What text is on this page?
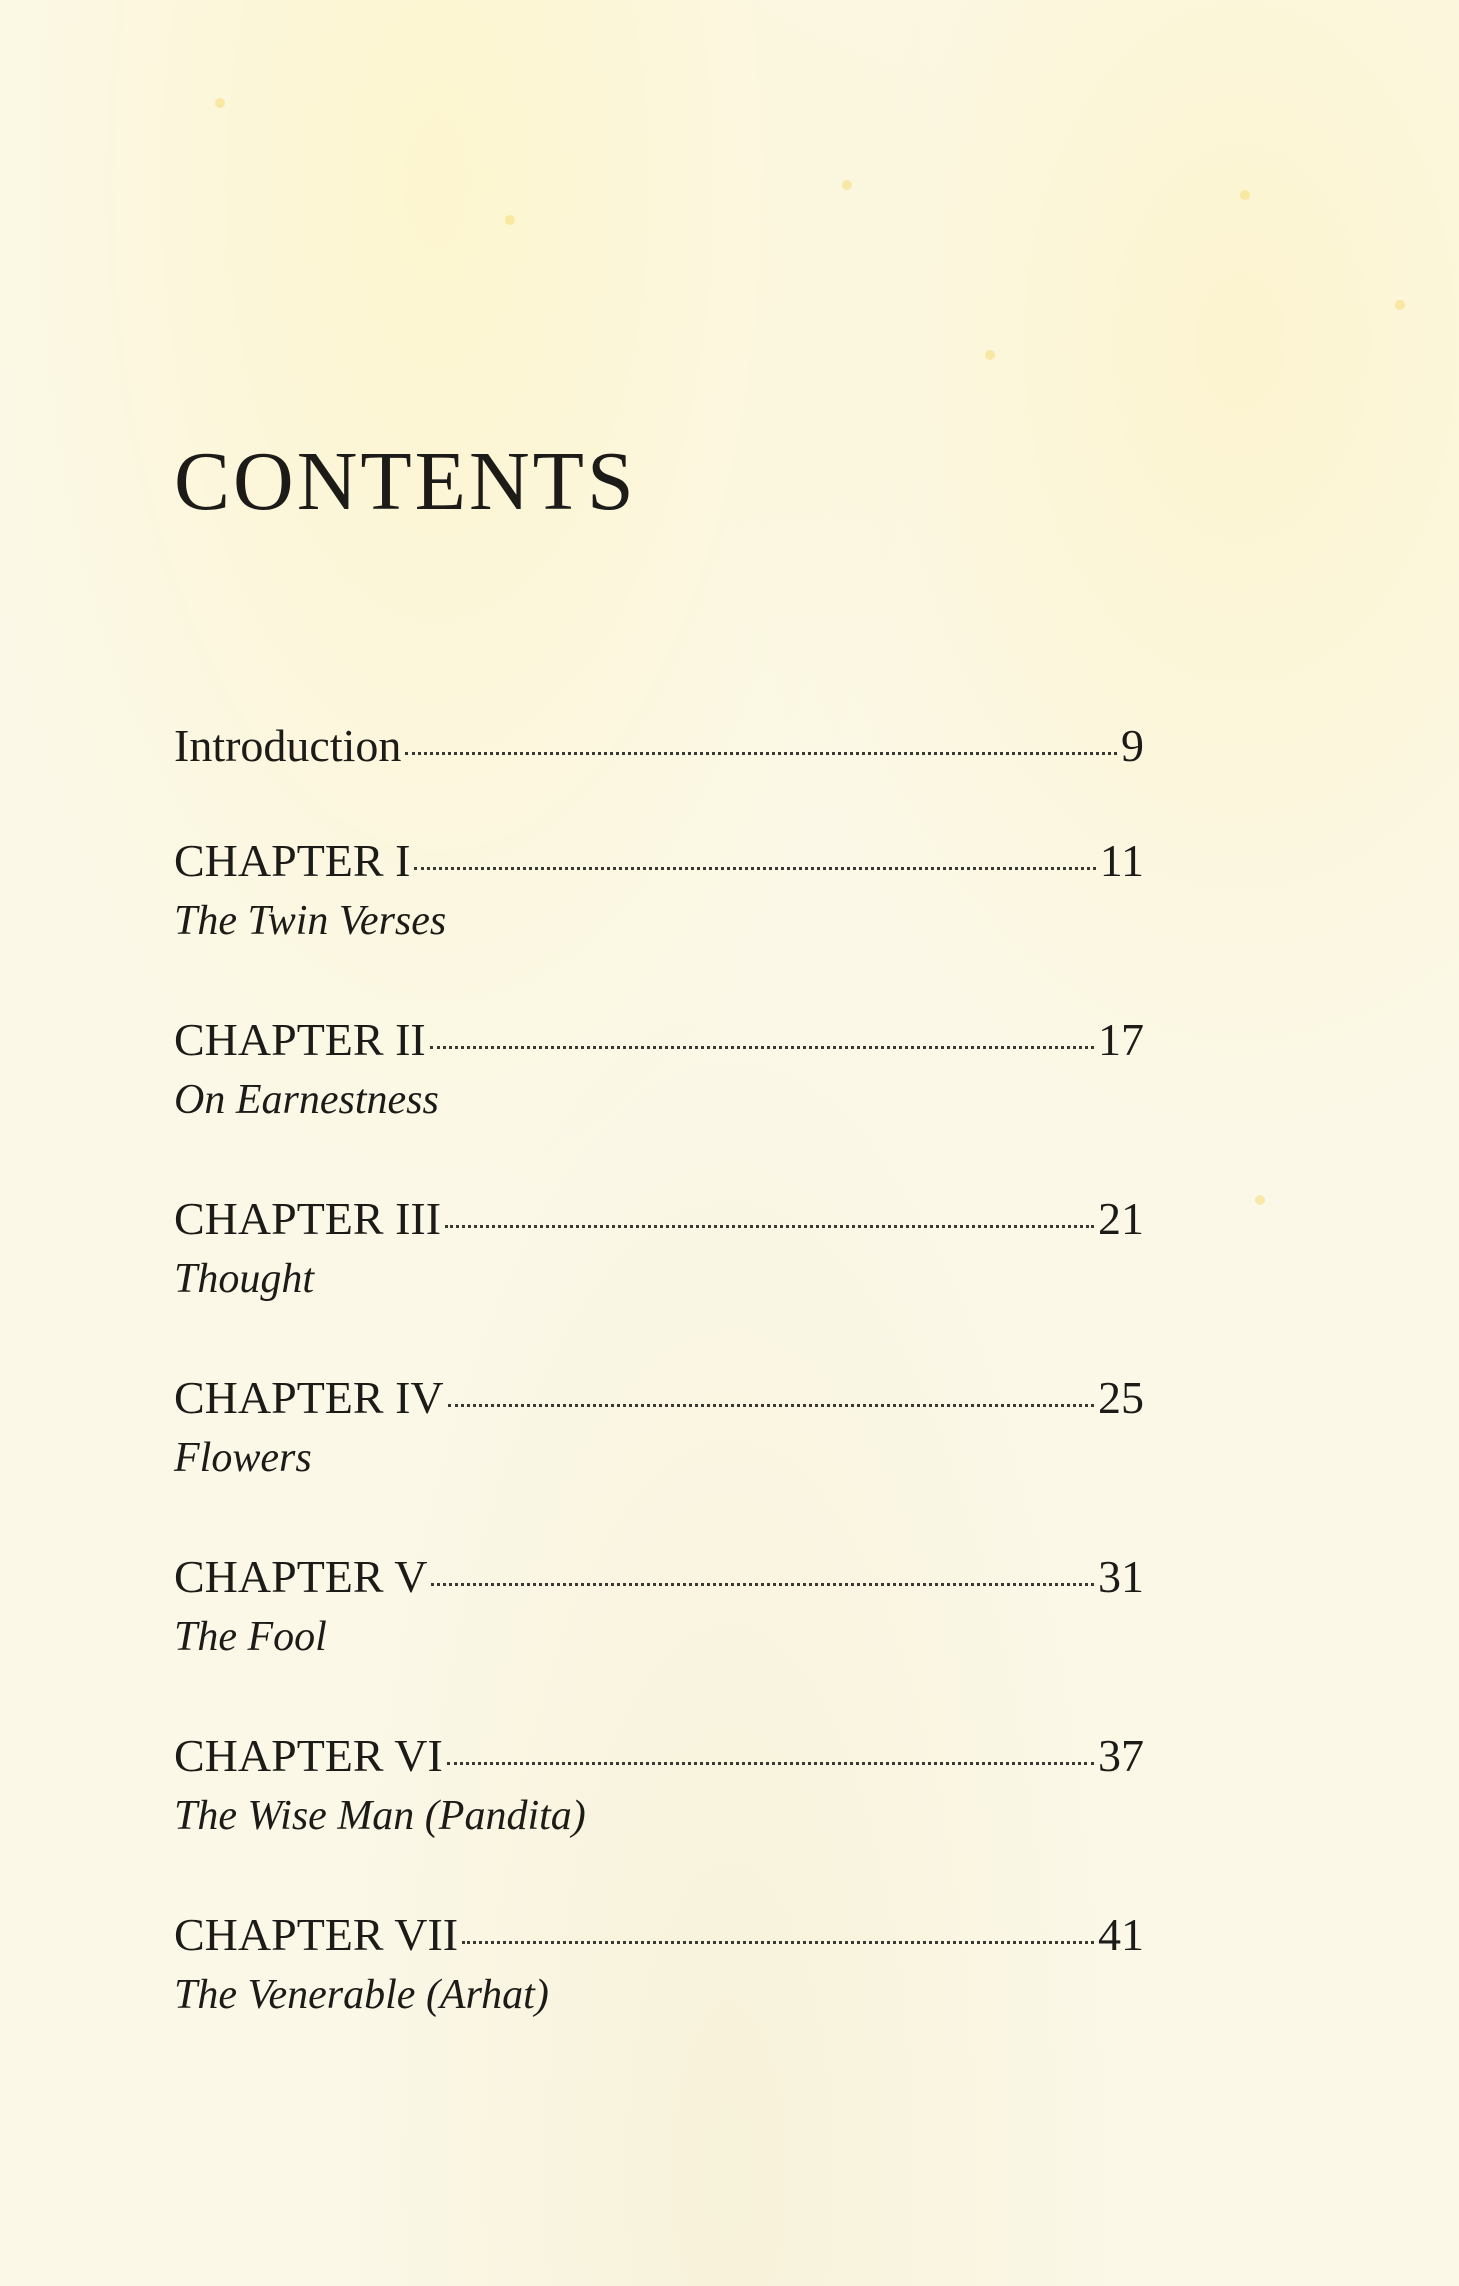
CONTENTS
Introduction	9
CHAPTER I	11
The Twin Verses
CHAPTER II	17
On Earnestness
CHAPTER III	21
Thought
CHAPTER IV	25
Flowers
CHAPTER V	31
The Fool
CHAPTER VI	37
The Wise Man (Pandita)
CHAPTER VII	41
The Venerable (Arhat)
